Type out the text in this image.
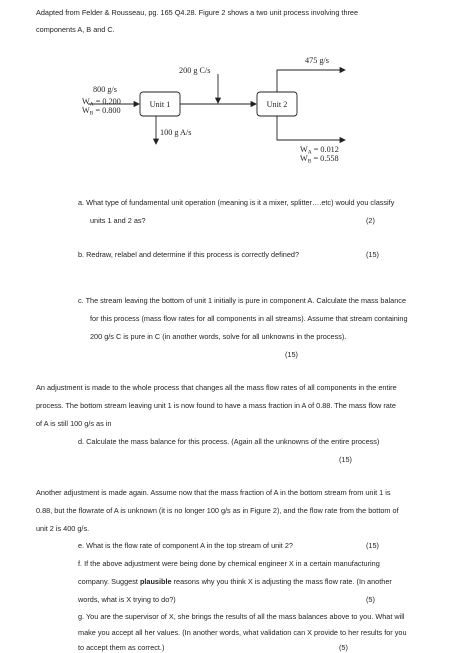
Adapted from Felder & Rousseau, pg. 165 Q4.28. Figure 2 shows a two unit process involving three
components A, B and C.
Unit 1	Unit 2
800 g/s
WA = 0.200
WB = 0.800
200 g C/s
100 g A/s
475 g/s
WA = 0.012
WB = 0.558
a. What type of fundamental unit operation (meaning is it a mixer, splitter….etc) would you classify
units 1 and 2 as?	(2)
b. Redraw, relabel and determine if this process is correctly defined?	(15)
c. The stream leaving the bottom of unit 1 initially is pure in component A. Calculate the mass balance
for this process (mass flow rates for all components in all streams). Assume that stream containing
200 g/s C is pure in C (in another words, solve for all unknowns in the process).
(15)
An adjustment is made to the whole process that changes all the mass flow rates of all components in the entire
process. The bottom stream leaving unit 1 is now found to have a mass fraction in A of 0.88. The mass flow rate
of A is still 100 g/s as in
d. Calculate the mass balance for this process. (Again all the unknowns of the entire process)
(15)
Another adjustment is made again. Assume now that the mass fraction of A in the bottom stream from unit 1 is
0.88, but the flowrate of A is unknown (it is no longer 100 g/s as in Figure 2), and the flow rate from the bottom of
unit 2 is 400 g/s.
e. What is the flow rate of component A in the top stream of unit 2?	(15)
f. If the above adjustment were being done by chemical engineer X in a certain manufacturing
company. Suggest plausible reasons why you think X is adjusting the mass flow rate. (In another
words, what is X trying to do?)	(5)
g. You are the supervisor of X, she brings the results of all the mass balances above to you. What will
make you accept all her values. (In another words, what validation can X provide to her results for you
to accept them as correct.)	(5)
